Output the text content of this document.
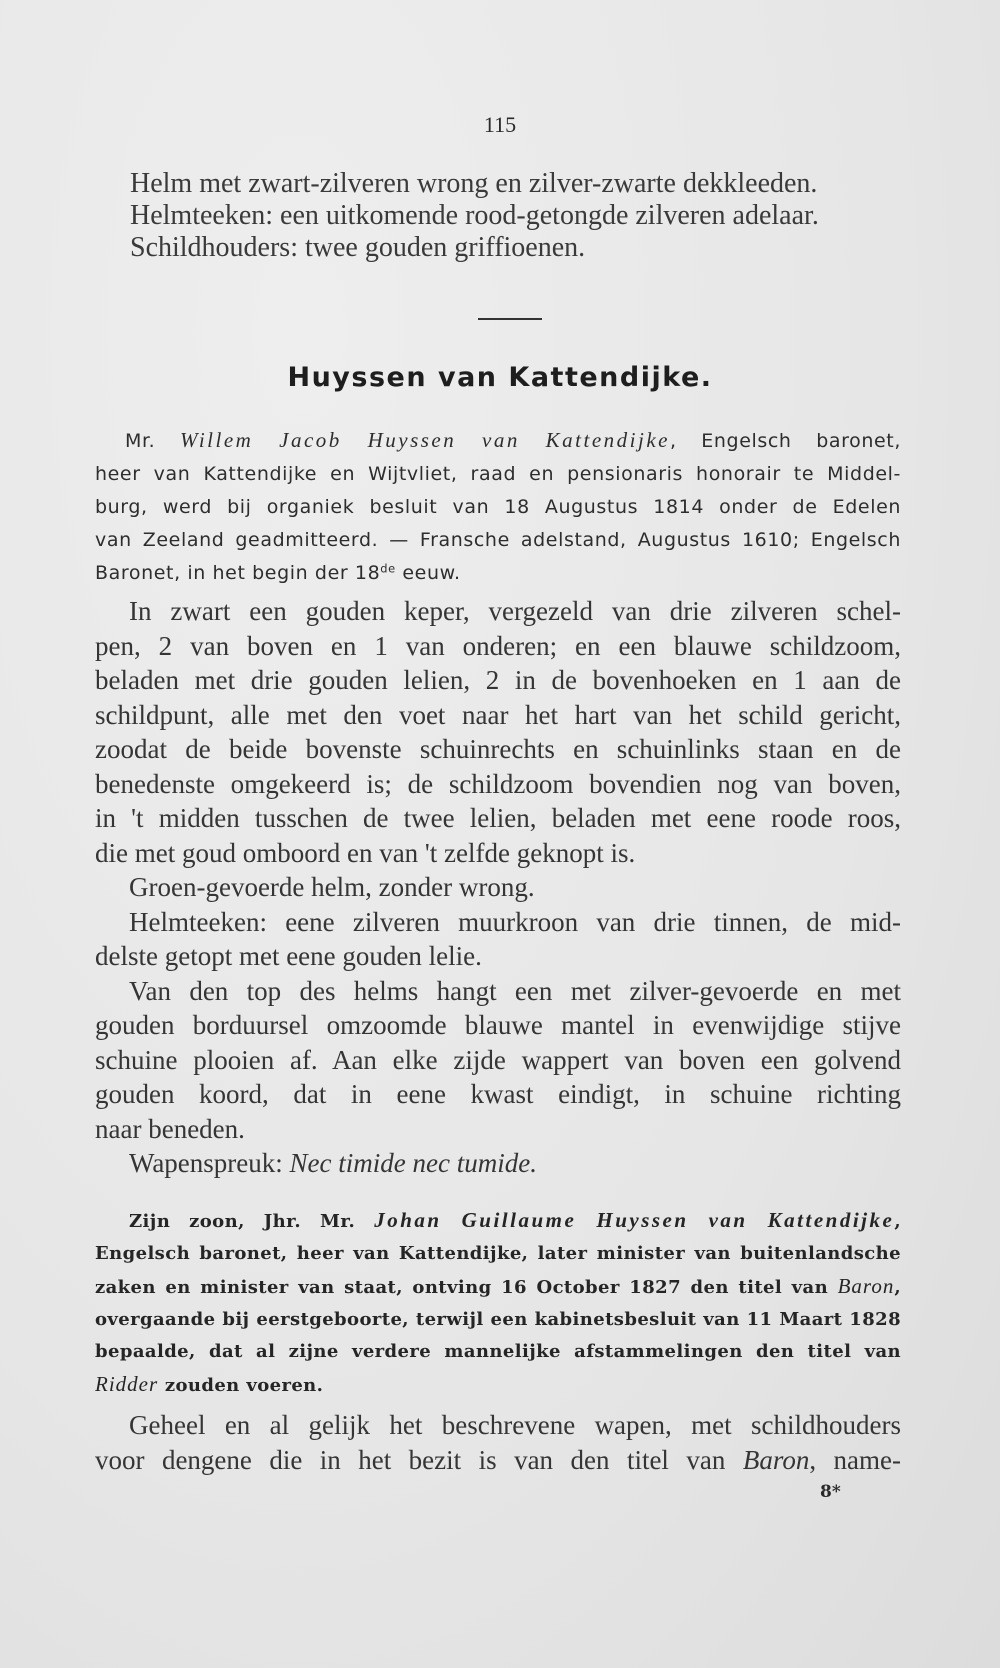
115

Helm met zwart-zilveren wrong en zilver-zwarte dekkleeden.

Helmteeken: een uitkomende rood-getongde zilveren adelaar.

Schildhouders: twee gouden griffioenen.

Huyssen van Kattendijke.
Mr. Willem Jacob Huyssen van Kattendijke, Engelsch baronet,
heer van Kattendijke en Wijtvliet, raad en pensionaris honorair te Middel-
burg, werd bij organiek besluit van 18 Augustus 1814 onder de Edelen
van Zeeland geadmitteerd. — Fransche adelstand, Augustus 1610; Engelsch
Baronet, in het begin der 18de eeuw.
In zwart een gouden keper, vergezeld van drie zilveren schel-
pen, 2 van boven en 1 van onderen; en een blauwe schildzoom,
beladen met drie gouden lelien, 2 in de bovenhoeken en 1 aan de
schildpunt, alle met den voet naar het hart van het schild gericht,
zoodat de beide bovenste schuinrechts en schuinlinks staan en de
benedenste omgekeerd is; de schildzoom bovendien nog van boven,
in 't midden tusschen de twee lelien, beladen met eene roode roos,
die met goud omboord en van 't zelfde geknopt is.
Groen-gevoerde helm, zonder wrong.
Helmteeken: eene zilveren muurkroon van drie tinnen, de mid-
delste getopt met eene gouden lelie.
Van den top des helms hangt een met zilver-gevoerde en met
gouden borduursel omzoomde blauwe mantel in evenwijdige stijve
schuine plooien af. Aan elke zijde wappert van boven een golvend
gouden koord, dat in eene kwast eindigt, in schuine richting
naar beneden.
Wapenspreuk: Nec timide nec tumide.
Zijn zoon, Jhr. Mr. Johan Guillaume Huyssen van Kattendijke,
Engelsch baronet, heer van Kattendijke, later minister van buitenlandsche
zaken en minister van staat, ontving 16 October 1827 den titel van Baron,
overgaande bij eerstgeboorte, terwijl een kabinetsbesluit van 11 Maart 1828
bepaalde, dat al zijne verdere mannelijke afstammelingen den titel van
Ridder zouden voeren.
Geheel en al gelijk het beschrevene wapen, met schildhouders
voor dengene die in het bezit is van den titel van Baron, name-
8*
